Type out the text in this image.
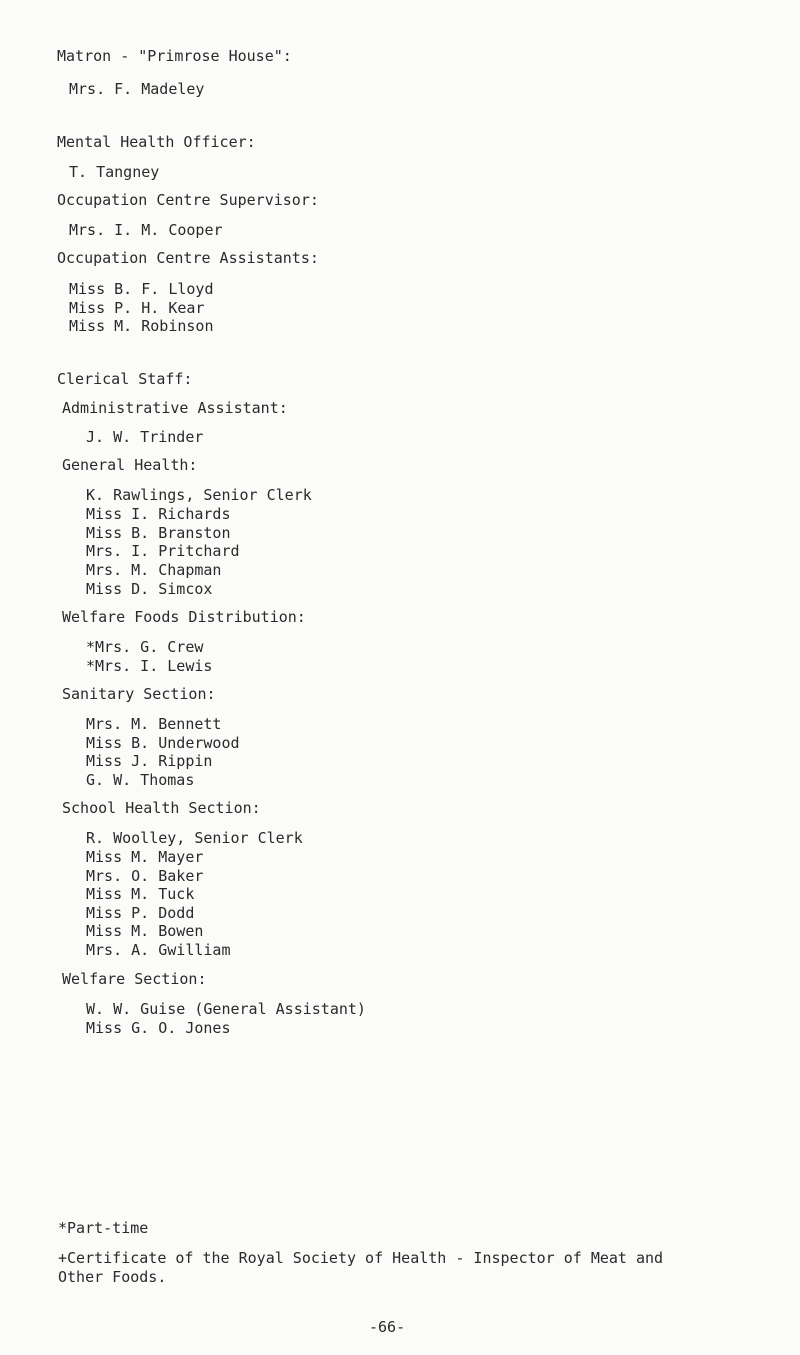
Matron - "Primrose House":
Mrs. F. Madeley
Mental Health Officer:
T. Tangney
Occupation Centre Supervisor:
Mrs. I. M. Cooper
Occupation Centre Assistants:
Miss B. F. Lloyd
Miss P. H. Kear
Miss M. Robinson
Clerical Staff:
Administrative Assistant:
J. W. Trinder
General Health:
K. Rawlings, Senior Clerk
Miss I. Richards
Miss B. Branston
Mrs. I. Pritchard
Mrs. M. Chapman
Miss D. Simcox
Welfare Foods Distribution:
*Mrs. G. Crew
*Mrs. I. Lewis
Sanitary Section:
Mrs. M. Bennett
Miss B. Underwood
Miss J. Rippin
G. W. Thomas
School Health Section:
R. Woolley, Senior Clerk
Miss M. Mayer
Mrs. O. Baker
Miss M. Tuck
Miss P. Dodd
Miss M. Bowen
Mrs. A. Gwilliam
Welfare Section:
W. W. Guise (General Assistant)
Miss G. O. Jones
*Part-time
+Certificate of the Royal Society of Health - Inspector of Meat and
Other Foods.
-66-
